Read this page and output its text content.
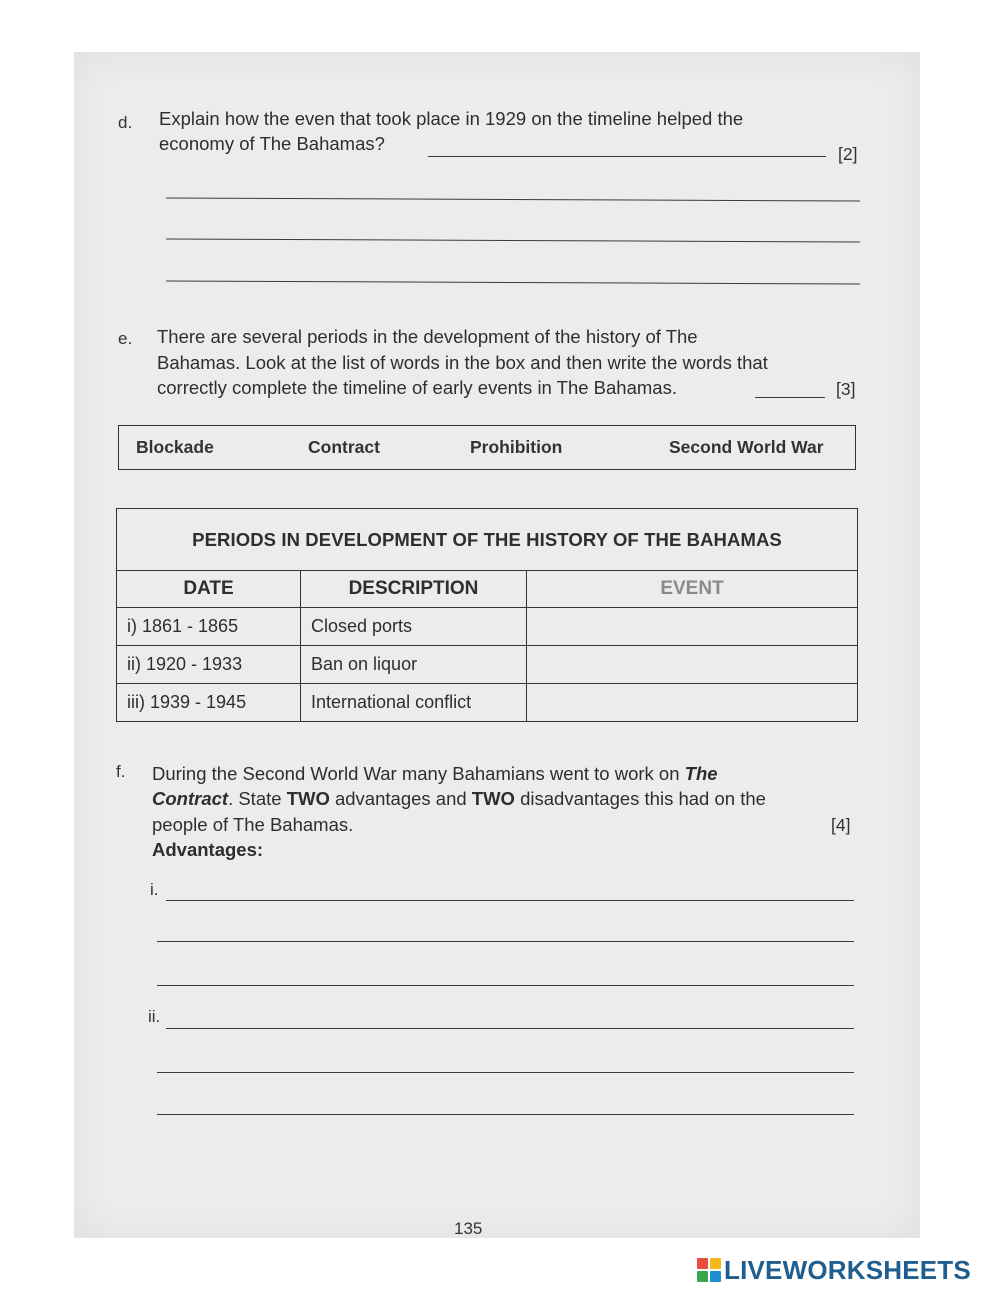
d. Explain how the even that took place in 1929 on the timeline helped the
economy of The Bahamas?	[2]
e. There are several periods in the development of the history of The
Bahamas. Look at the list of words in the box and then write the words that
correctly complete the timeline of early events in The Bahamas.	[3]
Blockade	Contract	Prohibition	Second World War
PERIODS IN DEVELOPMENT OF THE HISTORY OF THE BAHAMAS		
DATE	DESCRIPTION	EVENT
i) 1861 - 1865	Closed ports	
ii) 1920 - 1933	Ban on liquor	
iii) 1939 - 1945	International conflict	
f. During the Second World War many Bahamians went to work on The
Contract. State TWO advantages and TWO disadvantages this had on the
people of The Bahamas.	[4]
Advantages:
i.
ii.
135
LIVEWORKSHEETS
